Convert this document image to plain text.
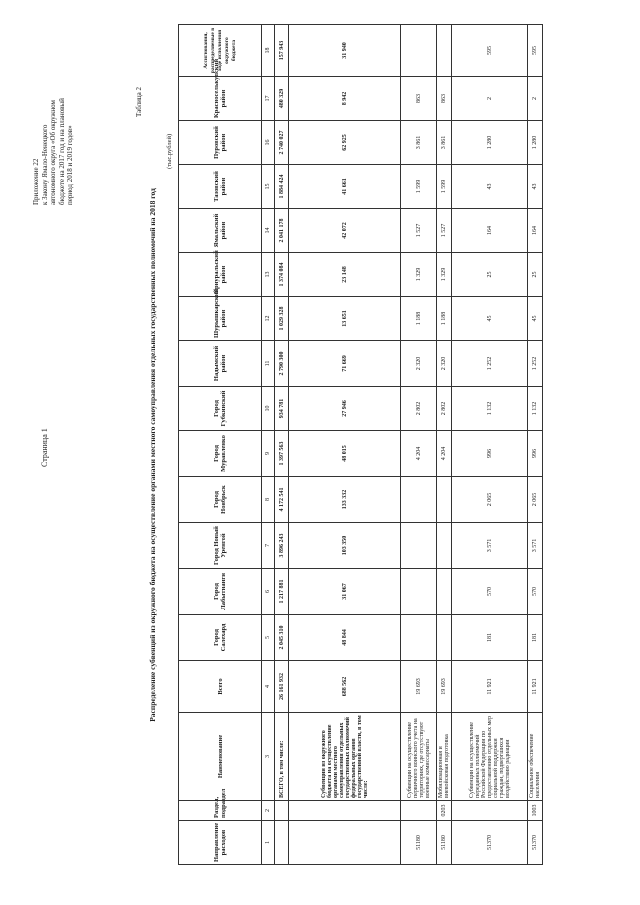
Страница 1
Приложение 22 к Закону Ямало-Ненецкого автономного округа «Об окружном бюджете на 2017 год и на плановый период 2018 и 2019 годов»
Таблица 2
Распределение субвенций из окружного бюджета на осуществление органами местного самоуправления отдельных государственных полномочий на 2018 год
(тыс.рублей)
Направление расходов	Раздел, подраздел	Наименование	Всего	Город Салехард	Город Лабытнанги	Город Новый Уренгой	Город Ноябрьск	Город Муравленко	Город Губкинский	Надымский район	Шурышкарский район	Приуральский район	Ямальский район	Тазовский район	Пуровский район	Красноселькупский район	Ассигнования, распределяемые в ходе исполнения окружного бюджета
1	2	3	4	5	6	7	8	9	10	11	12	13	14	15	16	17	18
		ВСЕГО, в том числе:	26 161 932	2 045 310	1 217 881	3 896 243	4 172 541	1 397 563	934 781	2 790 300	1 029 328	1 374 084	2 041 178	1 884 424	2 740 027	480 329	157 943
		Субвенции из окружного бюджета на осуществление органами местного самоуправления отдельных государственных полномочий федеральных органов государственной власти, в том числе:	688 562	48 844	31 067	103 350	133 332	48 015	27 946	71 669	13 651	23 148	42 072	41 661	62 925	8 942	31 940
51180		Субвенции на осуществление первичного воинского учета на территориях, где отсутствуют военные комиссариаты	19 693					4 204	2 802	2 320	1 188	1 329	1 527	1 599	3 861	863	
51180	0203	Мобилизационная и вневойсковая подготовка	19 693					4 204	2 802	2 320	1 188	1 329	1 527	1 599	3 861	863	
51370		Субвенции на осуществление переданных полномочий Российской Федерации по предоставлению отдельных мер социальной поддержки граждан, подвергшихся воздействию радиации	11 921	181	570	3 571	2 065	996	1 132	1 252	45	25	164	43	1 280	2	595
51370	1003	Социальное обеспечение населения	11 921	181	570	3 571	2 065	996	1 132	1 252	45	25	164	43	1 280	2	595
